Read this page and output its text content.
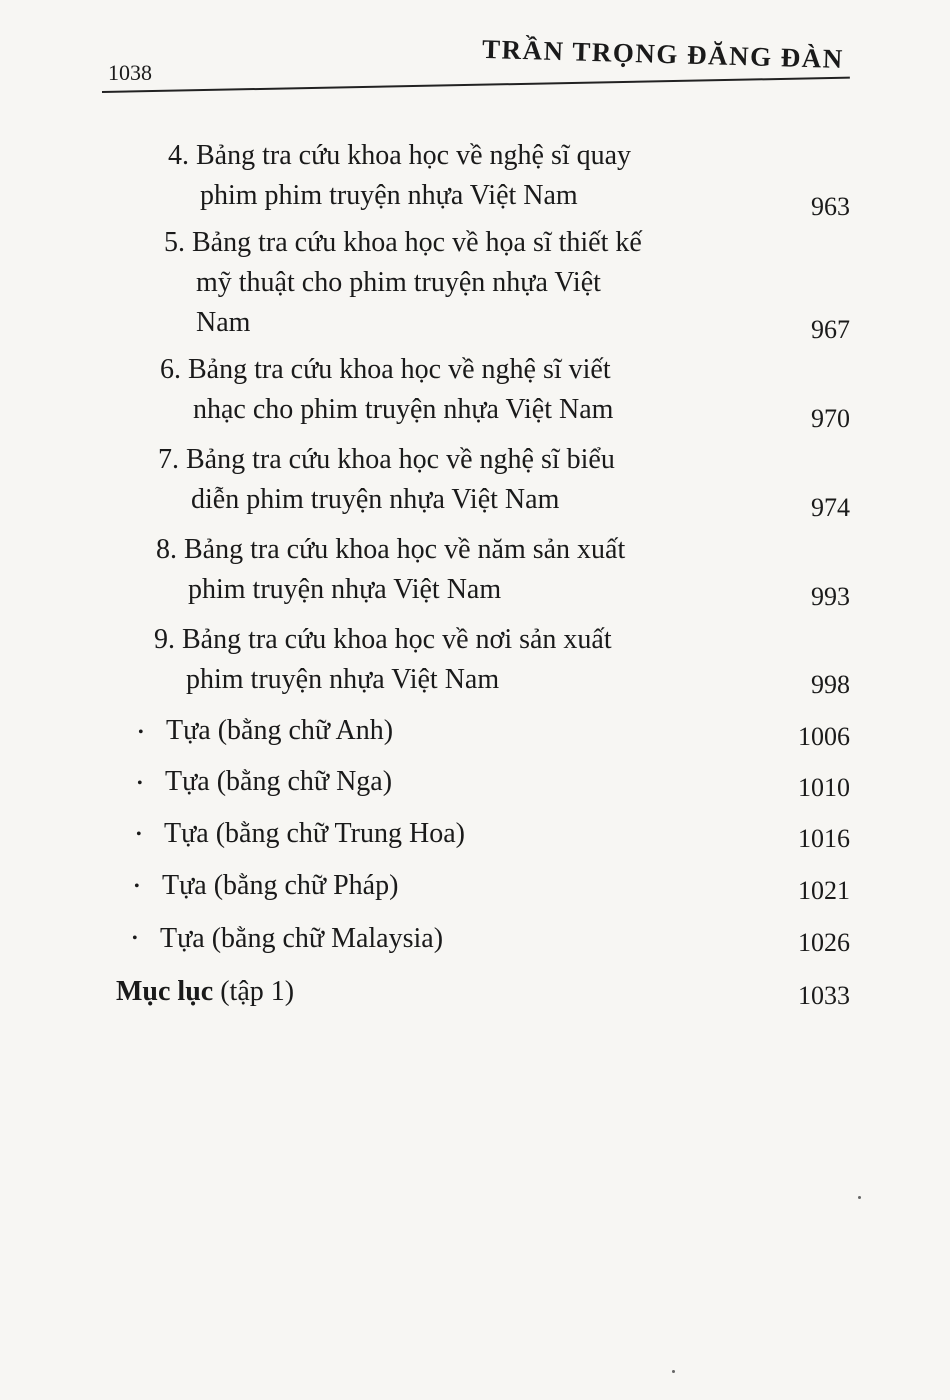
1038	TRẦN TRỌNG ĐĂNG ĐÀN
4. Bảng tra cứu khoa học về nghệ sĩ quay
phim phim truyện nhựa Việt Nam	963
5. Bảng tra cứu khoa học về họa sĩ thiết kế
mỹ thuật cho phim truyện nhựa Việt
Nam	967
6. Bảng tra cứu khoa học về nghệ sĩ viết
nhạc cho phim truyện nhựa Việt Nam	970
7. Bảng tra cứu khoa học về nghệ sĩ biểu
diễn phim truyện nhựa Việt Nam	974
8. Bảng tra cứu khoa học về năm sản xuất
phim truyện nhựa Việt Nam	993
9. Bảng tra cứu khoa học về nơi sản xuất
phim truyện nhựa Việt Nam	998
• Tựa (bằng chữ Anh)	1006
• Tựa (bằng chữ Nga)	1010
• Tựa (bằng chữ Trung Hoa)	1016
• Tựa (bằng chữ Pháp)	1021
• Tựa (bằng chữ Malaysia)	1026
Mục lục (tập 1)	1033
